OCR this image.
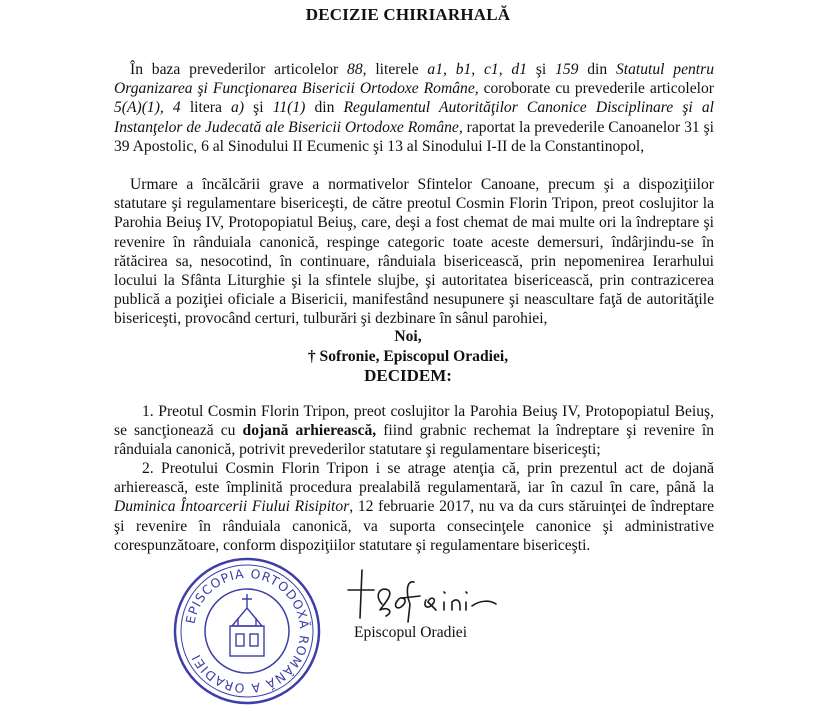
DECIZIE CHIRIARHALĂ

În baza prevederilor articolelor 88, literele a1, b1, c1, d1 şi 159 din Statutul pentru Organizarea şi Funcţionarea Bisericii Ortodoxe Române, coroborate cu prevederile articolelor 5(A)(1), 4 litera a) şi 11(1) din Regulamentul Autorităţilor Canonice Disciplinare şi al Instanţelor de Judecată ale Bisericii Ortodoxe Române, raportat la prevederile Canoanelor 31 şi 39 Apostolic, 6 al Sinodului II Ecumenic şi 13 al Sinodului I-II de la Constantinopol,

Urmare a încălcării grave a normativelor Sfintelor Canoane, precum şi a dispoziţiilor statutare şi regulamentare bisericeşti, de către preotul Cosmin Florin Tripon, preot coslujitor la Parohia Beiuş IV, Protopopiatul Beiuş, care, deşi a fost chemat de mai multe ori la îndreptare şi revenire în rânduiala canonică, respinge categoric toate aceste demersuri, îndârjindu-se în rătăcirea sa, nesocotind, în continuare, rânduiala bisericească, prin nepomenirea Ierarhului locului la Sfânta Liturghie şi la sfintele slujbe, şi autoritatea bisericească, prin contrazicerea publică a poziţiei oficiale a Bisericii, manifestând nesupunere şi neascultare faţă de autorităţile bisericeşti, provocând certuri, tulburări şi dezbinare în sânul parohiei,

Noi,
† Sofronie, Episcopul Oradiei,
DECIDEM:

1. Preotul Cosmin Florin Tripon, preot coslujitor la Parohia Beiuş IV, Protopopiatul Beiuş, se sancţionează cu dojană arhierească, fiind grabnic rechemat la îndreptare şi revenire în rânduiala canonică, potrivit prevederilor statutare şi regulamentare bisericeşti;

2. Preotului Cosmin Florin Tripon i se atrage atenţia că, prin prezentul act de dojană arhierească, este împlinită procedura prealabilă regulamentară, iar în cazul în care, până la Duminica Întoarcerii Fiului Risipitor, 12 februarie 2017, nu va da curs stăruinţei de îndreptare şi revenire în rânduiala canonică, va suporta consecinţele canonice şi administrative corespunzătoare, conform dispoziţiilor statutare şi regulamentare bisericeşti.

EPISCOPIA ORTODOXĂ ROMÂNĂ A ORADIEI
Episcopul Oradiei
